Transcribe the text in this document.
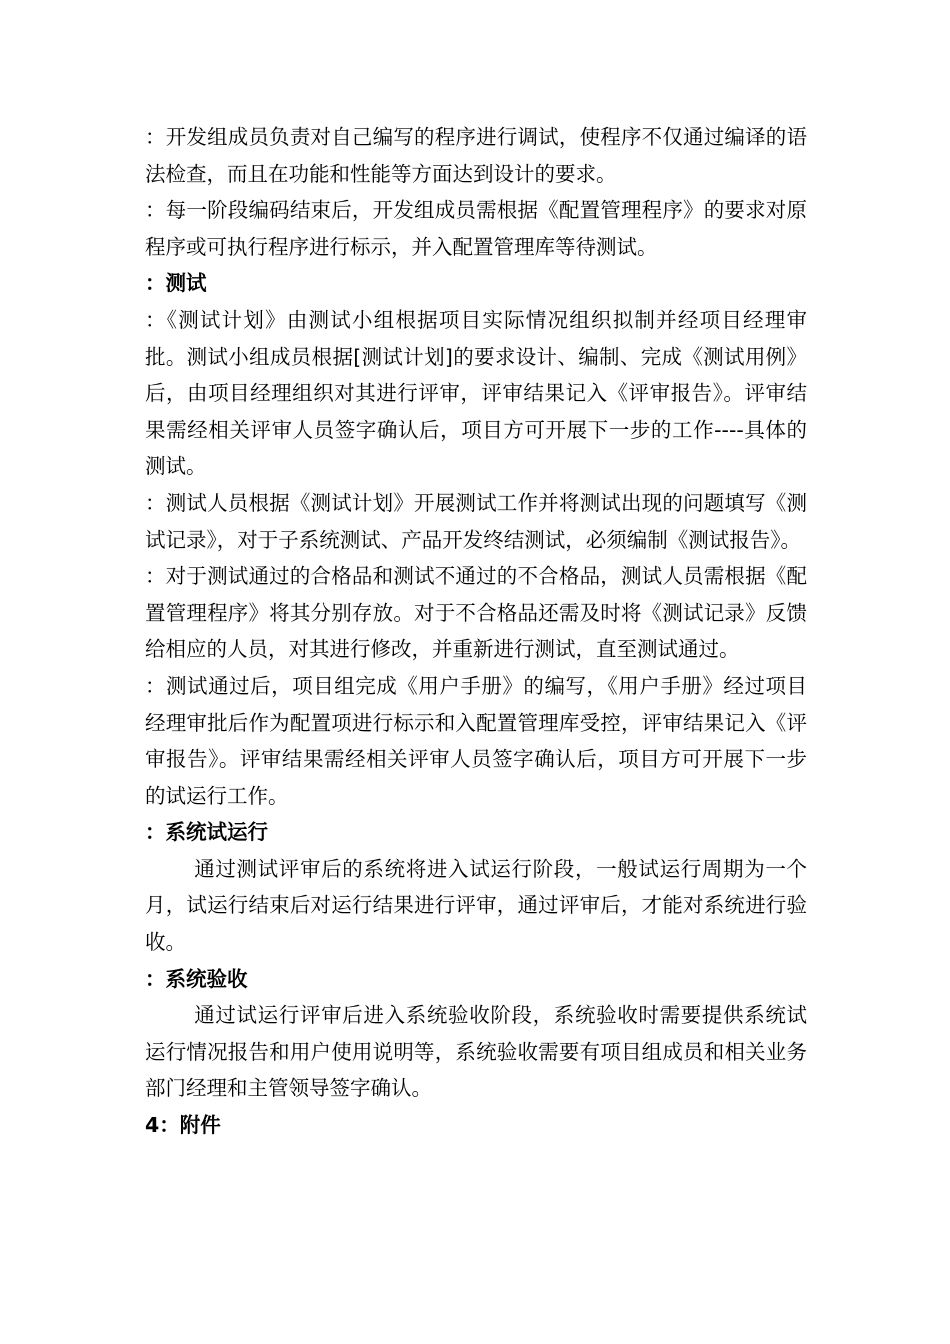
：开发组成员负责对自己编写的程序进行调试，使程序不仅通过编译的语法检查，而且在功能和性能等方面达到设计的要求。

：每一阶段编码结束后，开发组成员需根据《配置管理程序》的要求对原程序或可执行程序进行标示，并入配置管理库等待测试。

：测试

：《测试计划》由测试小组根据项目实际情况组织拟制并经项目经理审批。测试小组成员根据[测试计划]的要求设计、编制、完成《测试用例》后，由项目经理组织对其进行评审，评审结果记入《评审报告》。评审结果需经相关评审人员签字确认后，项目方可开展下一步的工作----具体的测试。

：测试人员根据《测试计划》开展测试工作并将测试出现的问题填写《测试记录》，对于子系统测试、产品开发终结测试，必须编制《测试报告》。

：对于测试通过的合格品和测试不通过的不合格品，测试人员需根据《配置管理程序》将其分别存放。对于不合格品还需及时将《测试记录》反馈给相应的人员，对其进行修改，并重新进行测试，直至测试通过。

：测试通过后，项目组完成《用户手册》的编写，《用户手册》经过项目经理审批后作为配置项进行标示和入配置管理库受控，评审结果记入《评审报告》。评审结果需经相关评审人员签字确认后，项目方可开展下一步的试运行工作。

：系统试运行

通过测试评审后的系统将进入试运行阶段，一般试运行周期为一个月，试运行结束后对运行结果进行评审，通过评审后，才能对系统进行验收。

：系统验收

通过试运行评审后进入系统验收阶段，系统验收时需要提供系统试运行情况报告和用户使用说明等，系统验收需要有项目组成员和相关业务部门经理和主管领导签字确认。

4：附件
